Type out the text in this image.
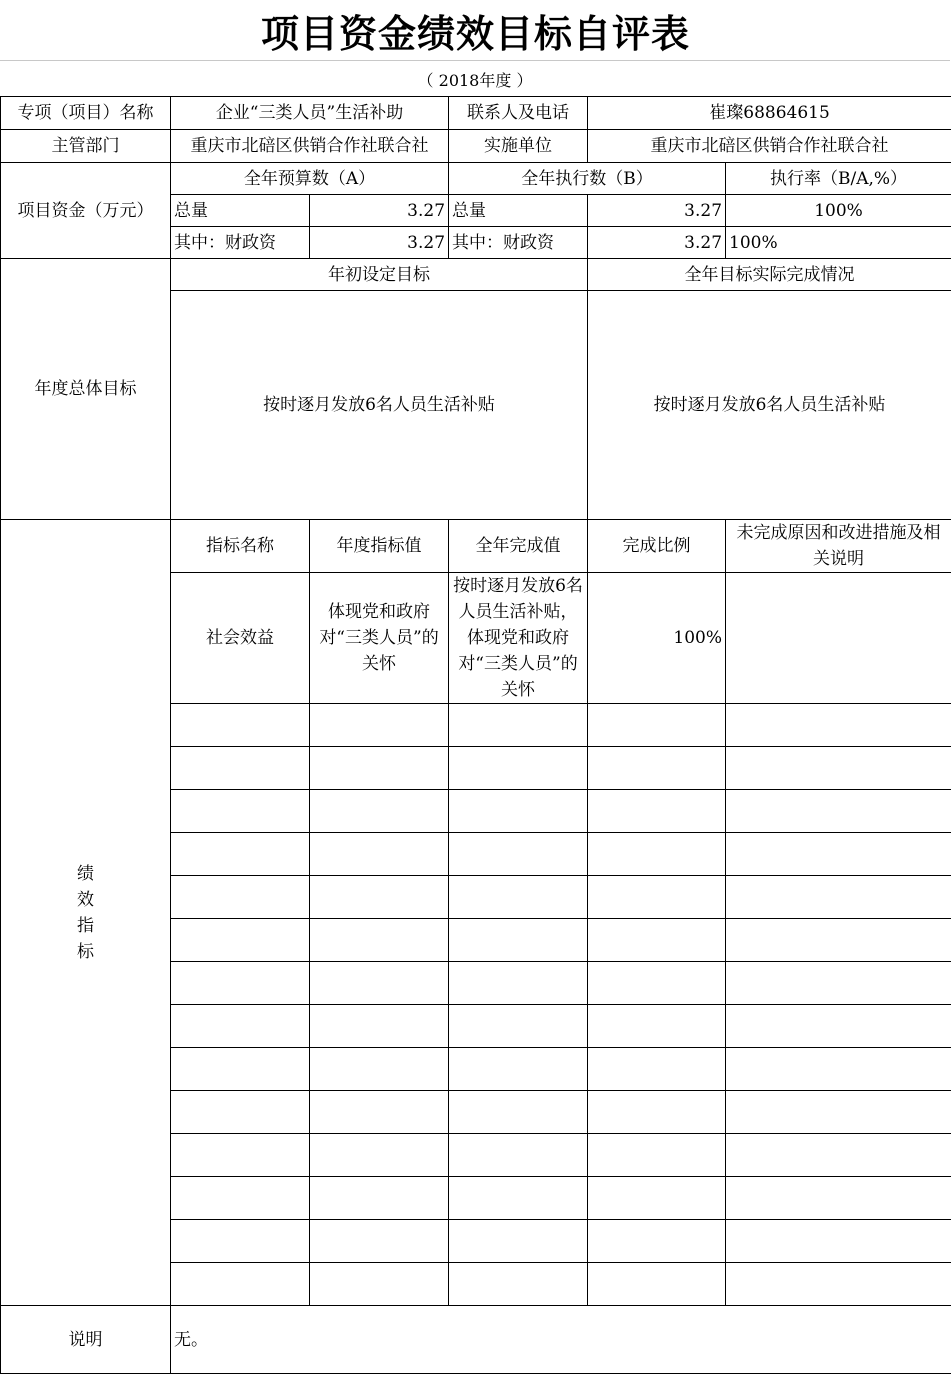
项目资金绩效目标自评表
（ 2018年度 ）
专项（项目）名称	企业“三类人员”生活补助		联系人及电话	崔璨68864615	
主管部门	重庆市北碚区供销合作社联合社		实施单位	重庆市北碚区供销合作社联合社	
项目资金（万元）	全年预算数（A）		全年执行数（B）		执行率（B/A,%）
	总量	3.27	总量	3.27	100%
	其中：财政资	3.27	其中：财政资	3.27	100%
年度总体目标	年初设定目标			全年目标实际完成情况	
	按时逐月发放6名人员生活补贴			按时逐月发放6名人员生活补贴	
绩效指标	指标名称	年度指标值	全年完成值	完成比例	未完成原因和改进措施及相关说明
	社会效益	体现党和政府对“三类人员”的关怀	按时逐月发放6名人员生活补贴，体现党和政府对“三类人员”的关怀	100%	

说明	无。				
